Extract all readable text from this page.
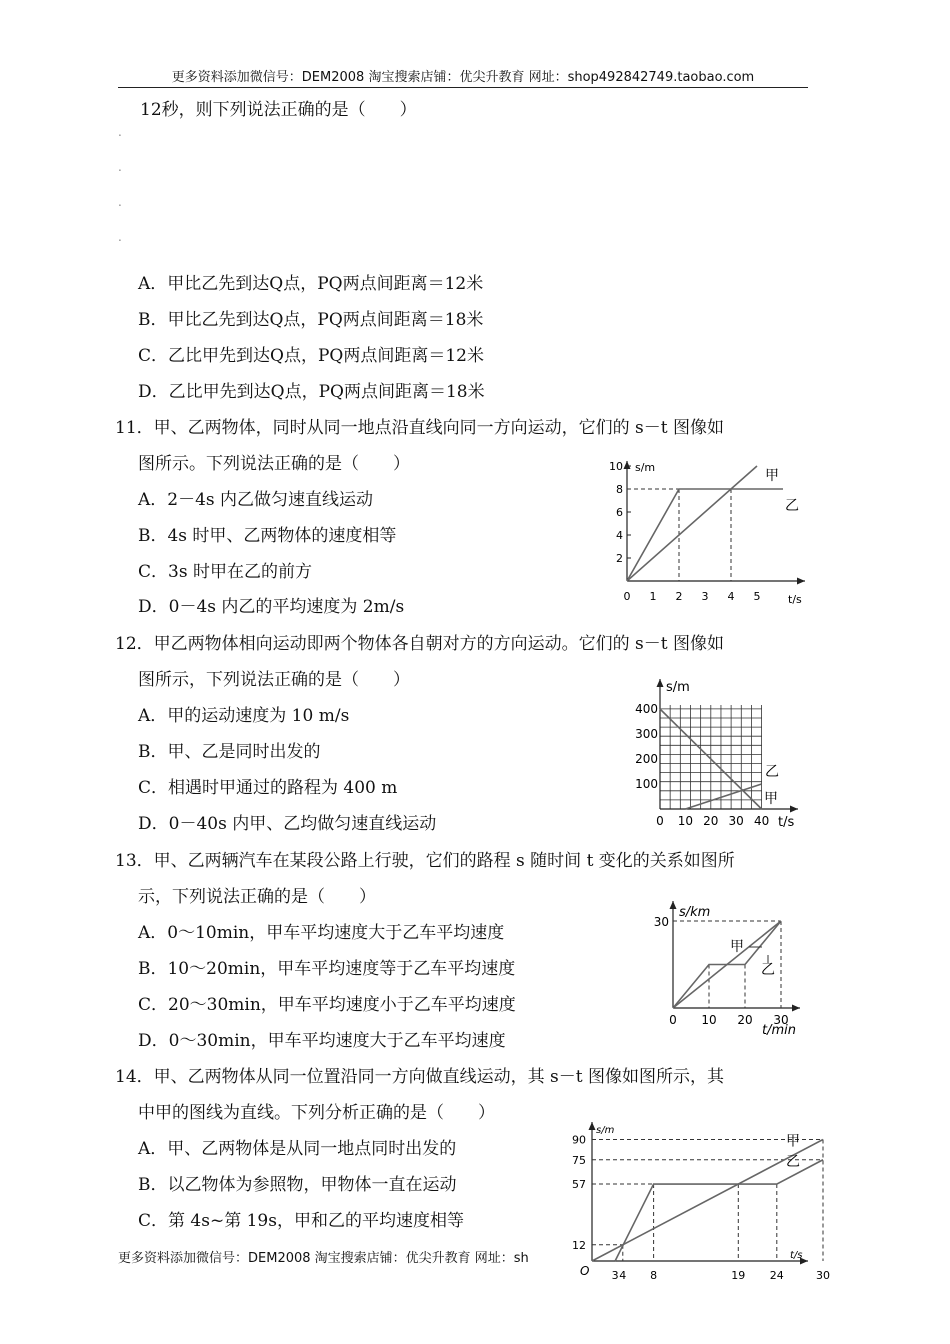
更多资料添加微信号：DEM2008 淘宝搜索店铺：优尖升教育 网址：shop492842749.taobao.com
12秒，则下列说法正确的是（　　）
.
.
.
.
A．甲比乙先到达Q点，PQ两点间距离＝12米
B．甲比乙先到达Q点，PQ两点间距离＝18米
C．乙比甲先到达Q点，PQ两点间距离＝12米
D．乙比甲先到达Q点，PQ两点间距离＝18米
11．甲、乙两物体，同时从同一地点沿直线向同一方向运动，它们的 s－t 图像如
图所示。下列说法正确的是（　　）
A．2－4s 内乙做匀速直线运动
B．4s 时甲、乙两物体的速度相等
C．3s 时甲在乙的前方
D．0－4s 内乙的平均速度为 2m/s
12．甲乙两物体相向运动即两个物体各自朝对方的方向运动。它们的 s－t 图像如
图所示，下列说法正确的是（　　）
A．甲的运动速度为 10 m/s
B．甲、乙是同时出发的
C．相遇时甲通过的路程为 400 m
D．0－40s 内甲、乙均做匀速直线运动
13．甲、乙两辆汽车在某段公路上行驶，它们的路程 s 随时间 t 变化的关系如图所
示，下列说法正确的是（　　）
A．0～10min，甲车平均速度大于乙车平均速度
B．10～20min，甲车平均速度等于乙车平均速度
C．20～30min，甲车平均速度小于乙车平均速度
D．0～30min，甲车平均速度大于乙车平均速度
14．甲、乙两物体从同一位置沿同一方向做直线运动，其 s－t 图像如图所示，其
中甲的图线为直线。下列分析正确的是（　　）
A．甲、乙两物体是从同一地点同时出发的
B．以乙物体为参照物，甲物体一直在运动
C．第 4s~第 19s，甲和乙的平均速度相等
更多资料添加微信号：DEM2008 淘宝搜索店铺：优尖升教育 网址：sh
s/m
t/s
2
4
6
8
10
0 1 2 3 4 5
甲
乙
s/m
t/s
100
200
300
400
0 10 20 30 40
乙
甲
s/km
t/min
30
0 10 20 30
甲
乙
s/m
t/s
O
12
57
75
90
3 4 8	19 24	30
甲
乙
